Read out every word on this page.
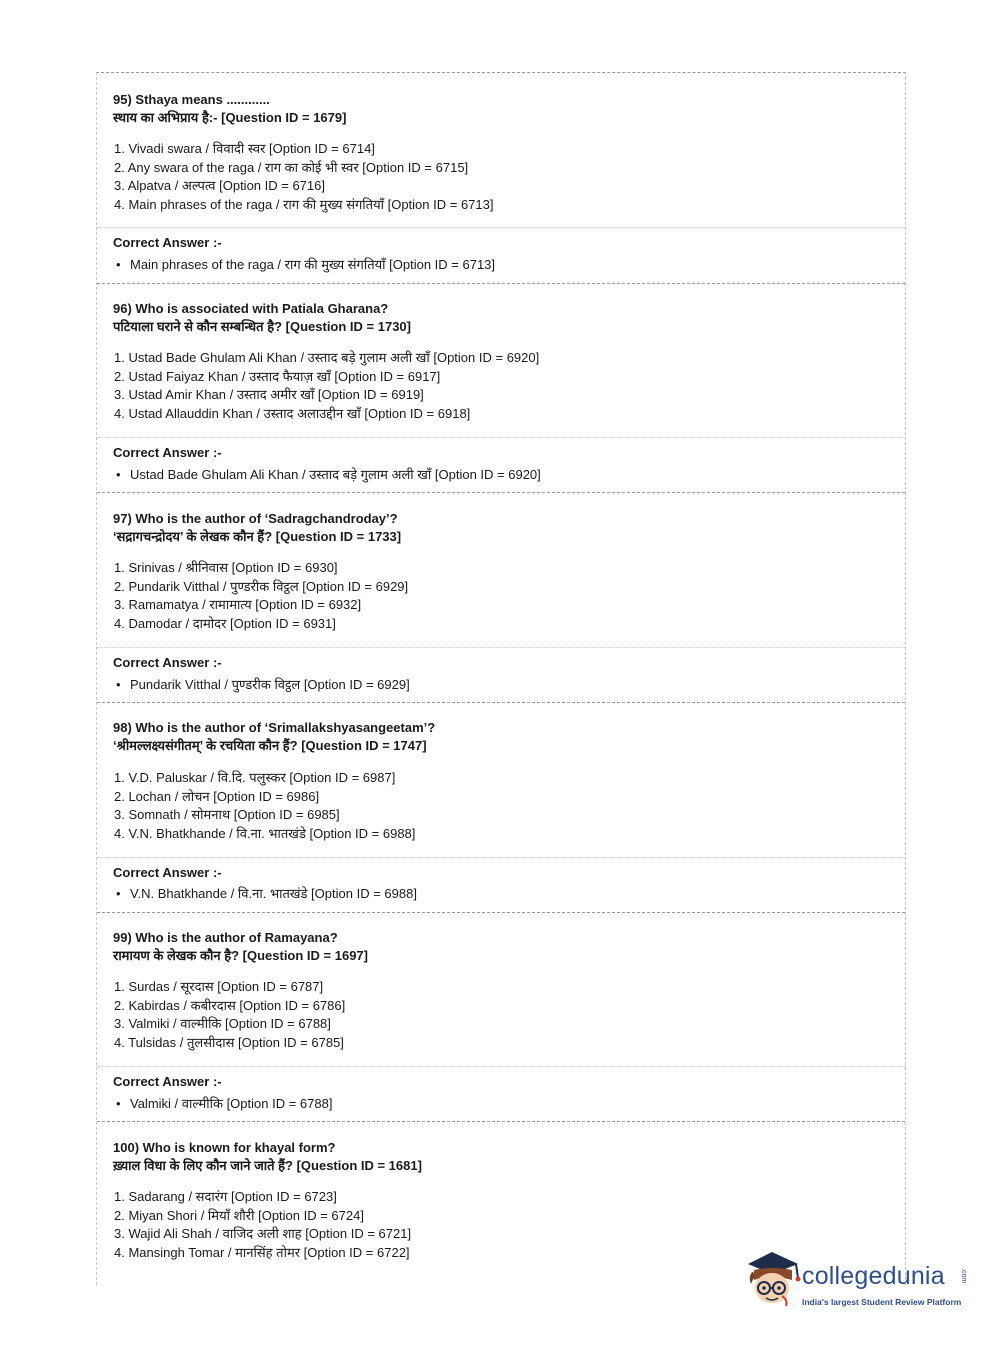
95) Sthaya means ............
स्थाय का अभिप्राय है:- [Question ID = 1679]
1. Vivadi swara / विवादी स्वर [Option ID = 6714]
2. Any swara of the raga / राग का कोई भी स्वर [Option ID = 6715]
3. Alpatva / अल्पत्व [Option ID = 6716]
4. Main phrases of the raga / राग की मुख्य संगतियाँ [Option ID = 6713]
Correct Answer :-
• Main phrases of the raga / राग की मुख्य संगतियाँ [Option ID = 6713]
96) Who is associated with Patiala Gharana?
पटियाला घराने से कौन सम्बन्धित है? [Question ID = 1730]
1. Ustad Bade Ghulam Ali Khan / उस्ताद बड़े गुलाम अली खाँ [Option ID = 6920]
2. Ustad Faiyaz Khan / उस्ताद फैयाज़ खाँ [Option ID = 6917]
3. Ustad Amir Khan / उस्ताद अमीर खाँ [Option ID = 6919]
4. Ustad Allauddin Khan / उस्ताद अलाउद्दीन खाँ [Option ID = 6918]
Correct Answer :-
• Ustad Bade Ghulam Ali Khan / उस्ताद बड़े गुलाम अली खाँ [Option ID = 6920]
97) Who is the author of ‘Sadragchandroday’?
‘सद्रागचन्द्रोदय’ के लेखक कौन हैं? [Question ID = 1733]
1. Srinivas / श्रीनिवास [Option ID = 6930]
2. Pundarik Vitthal / पुण्डरीक विट्ठल [Option ID = 6929]
3. Ramamatya / रामामात्य [Option ID = 6932]
4. Damodar / दामोदर [Option ID = 6931]
Correct Answer :-
• Pundarik Vitthal / पुण्डरीक विट्ठल [Option ID = 6929]
98) Who is the author of ‘Srimallakshyasangeetam’?
‘श्रीमल्लक्ष्यसंगीतम्’ के रचयिता कौन हैं? [Question ID = 1747]
1. V.D. Paluskar / वि.दि. पलुस्कर [Option ID = 6987]
2. Lochan / लोचन [Option ID = 6986]
3. Somnath / सोमनाथ [Option ID = 6985]
4. V.N. Bhatkhande / वि.ना. भातखंडे [Option ID = 6988]
Correct Answer :-
• V.N. Bhatkhande / वि.ना. भातखंडे [Option ID = 6988]
99) Who is the author of Ramayana?
रामायण के लेखक कौन है? [Question ID = 1697]
1. Surdas / सूरदास [Option ID = 6787]
2. Kabirdas / कबीरदास [Option ID = 6786]
3. Valmiki / वाल्मीकि [Option ID = 6788]
4. Tulsidas / तुलसीदास [Option ID = 6785]
Correct Answer :-
• Valmiki / वाल्मीकि [Option ID = 6788]
100) Who is known for khayal form?
ख़्याल विधा के लिए कौन जाने जाते हैं? [Question ID = 1681]
1. Sadarang / सदारंग [Option ID = 6723]
2. Miyan Shori / मियाँ शौरी [Option ID = 6724]
3. Wajid Ali Shah / वाजिद अली शाह [Option ID = 6721]
4. Mansingh Tomar / मानसिंह तोमर [Option ID = 6722]
collegedunia .com
India's largest Student Review Platform
